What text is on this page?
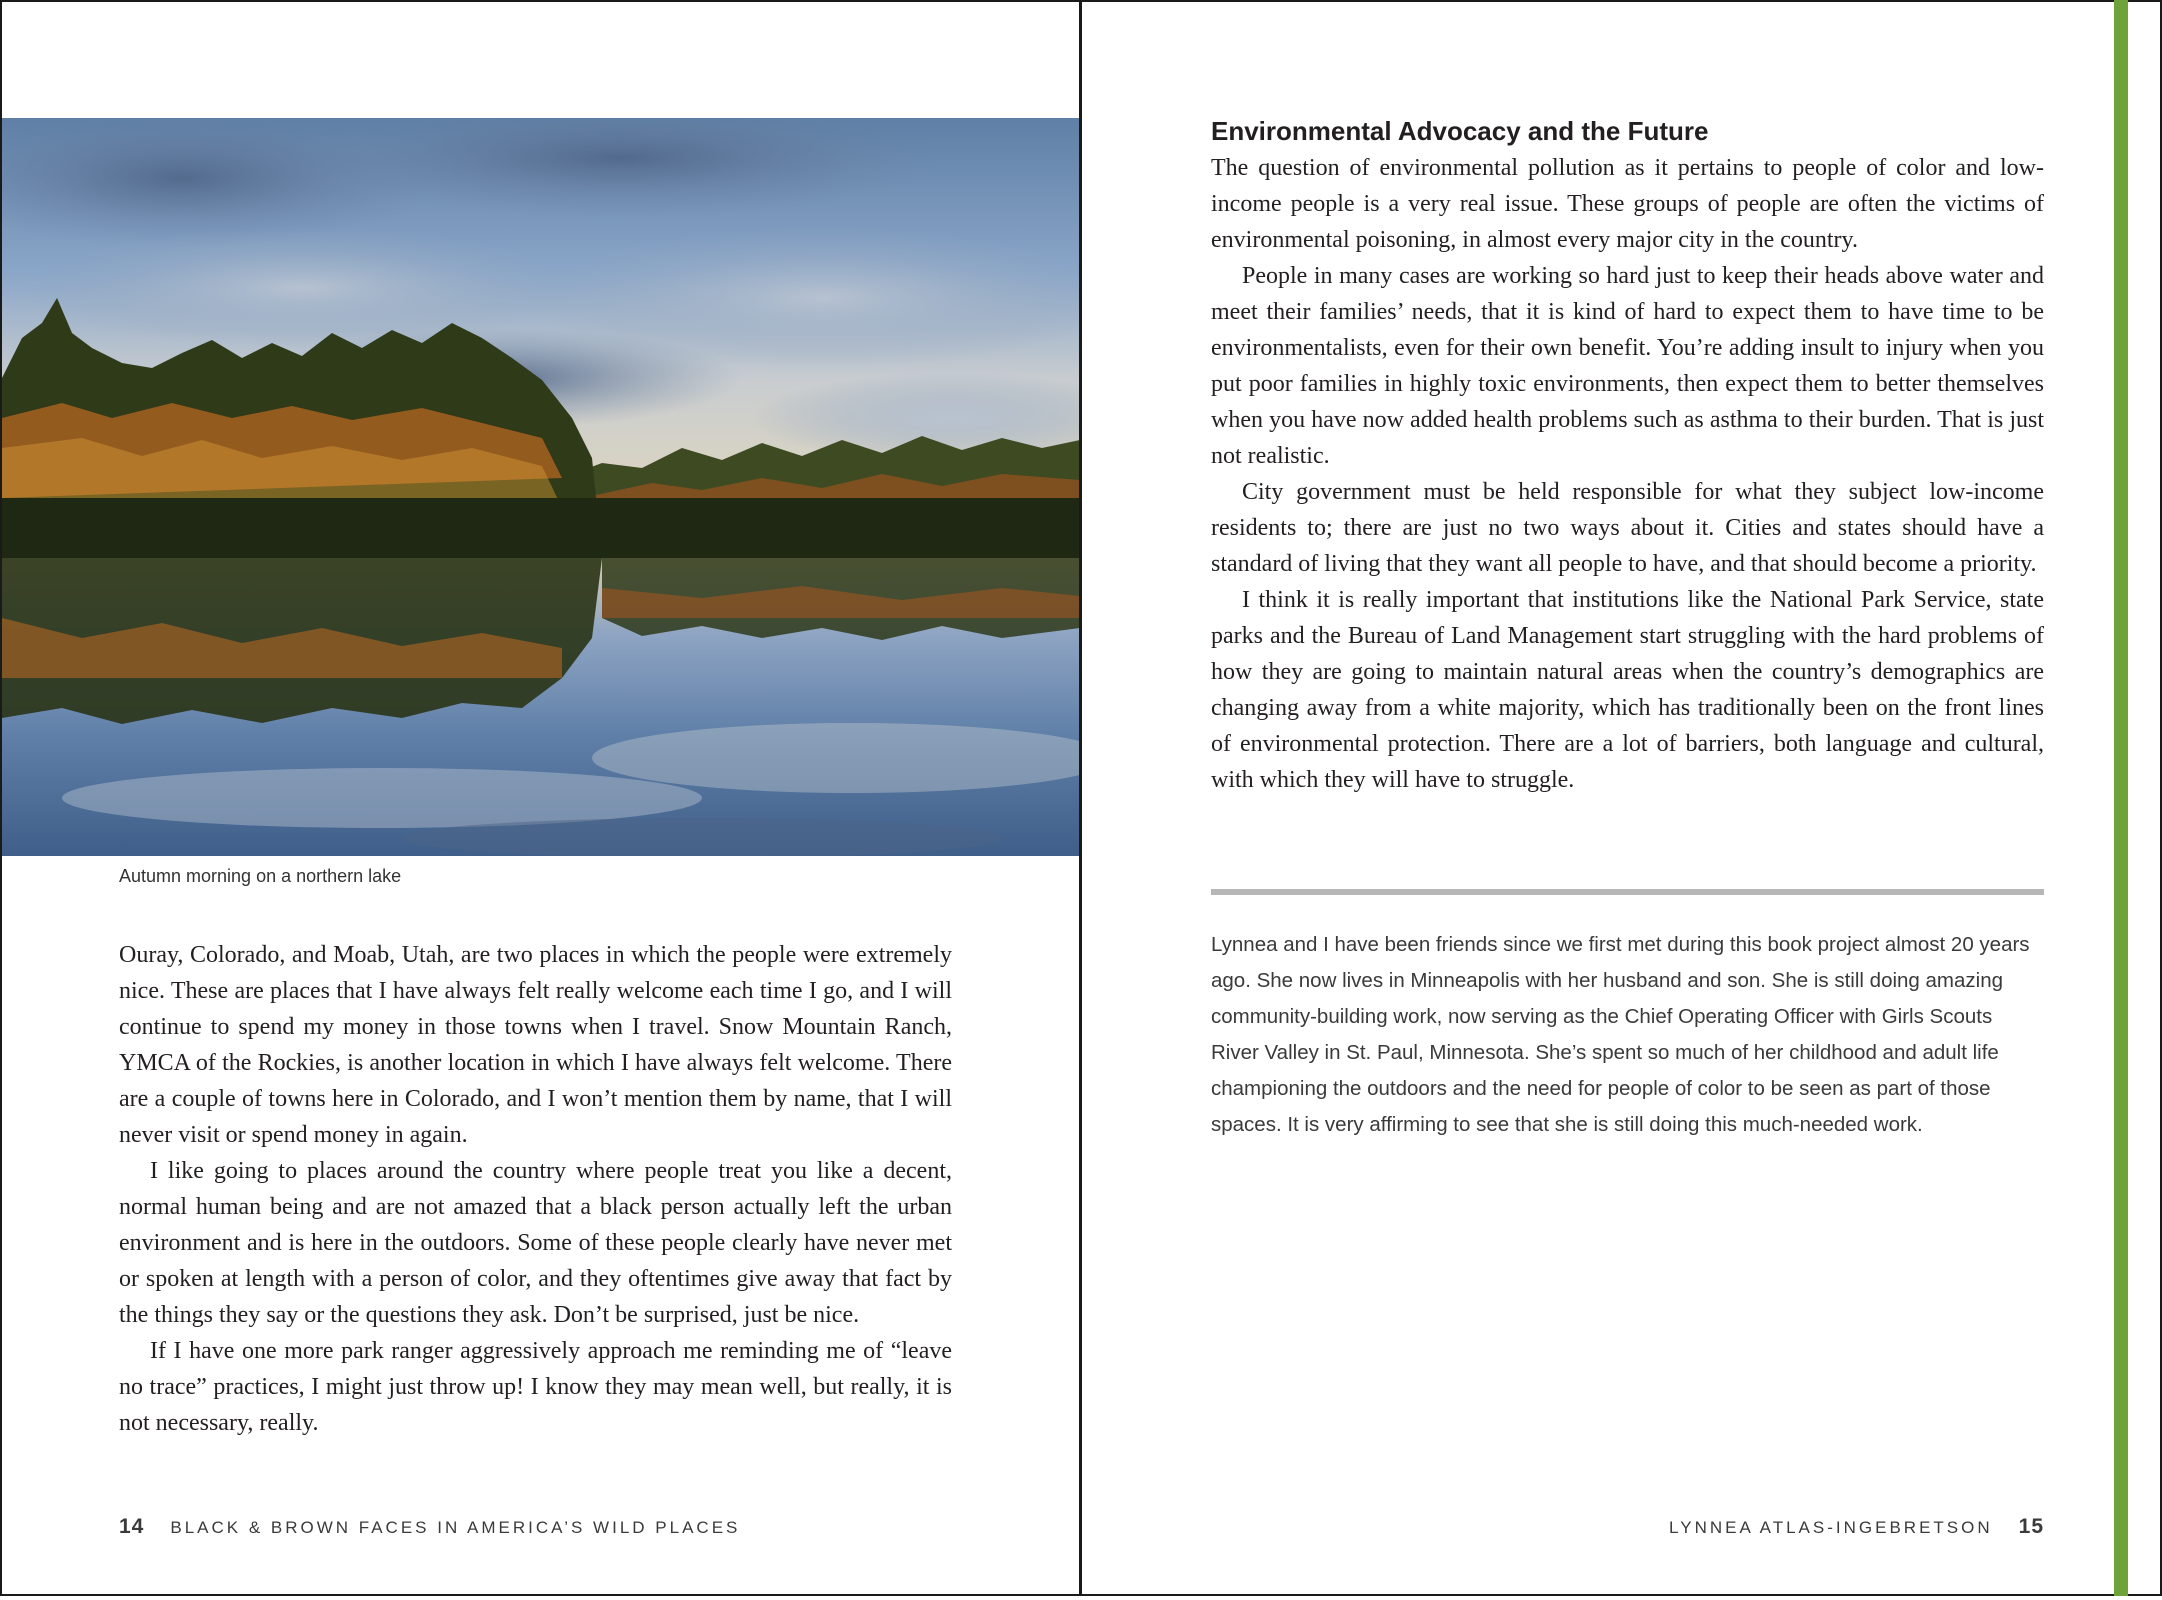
Autumn morning on a northern lake

Ouray, Colorado, and Moab, Utah, are two places in which the people were extremely nice. These are places that I have always felt really welcome each time I go, and I will continue to spend my money in those towns when I travel. Snow Mountain Ranch, YMCA of the Rockies, is another location in which I have always felt welcome. There are a couple of towns here in Colorado, and I won’t mention them by name, that I will never visit or spend money in again.

I like going to places around the country where people treat you like a decent, normal human being and are not amazed that a black person actually left the urban environment and is here in the outdoors. Some of these people clearly have never met or spoken at length with a person of color, and they oftentimes give away that fact by the things they say or the questions they ask. Don’t be surprised, just be nice.

If I have one more park ranger aggressively approach me reminding me of “leave no trace” practices, I might just throw up! I know they may mean well, but really, it is not necessary, really.

14 BLACK & BROWN FACES IN AMERICA’S WILD PLACES
Environmental Advocacy and the Future

The question of environmental pollution as it pertains to people of color and low-income people is a very real issue. These groups of people are often the victims of environmental poisoning, in almost every major city in the country.

People in many cases are working so hard just to keep their heads above water and meet their families’ needs, that it is kind of hard to expect them to have time to be environmentalists, even for their own benefit. You’re adding insult to injury when you put poor families in highly toxic environments, then expect them to better themselves when you have now added health problems such as asthma to their burden. That is just not realistic.

City government must be held responsible for what they subject low-income residents to; there are just no two ways about it. Cities and states should have a standard of living that they want all people to have, and that should become a priority.

I think it is really important that institutions like the National Park Service, state parks and the Bureau of Land Management start struggling with the hard problems of how they are going to maintain natural areas when the country’s demographics are changing away from a white majority, which has traditionally been on the front lines of environmental protection. There are a lot of barriers, both language and cultural, with which they will have to struggle.

Lynnea and I have been friends since we first met during this book project almost 20 years ago. She now lives in Minneapolis with her husband and son. She is still doing amazing community-building work, now serving as the Chief Operating Officer with Girls Scouts River Valley in St. Paul, Minnesota. She’s spent so much of her childhood and adult life championing the outdoors and the need for people of color to be seen as part of those spaces. It is very affirming to see that she is still doing this much-needed work.

LYNNEA ATLAS-INGEBRETSON 15
